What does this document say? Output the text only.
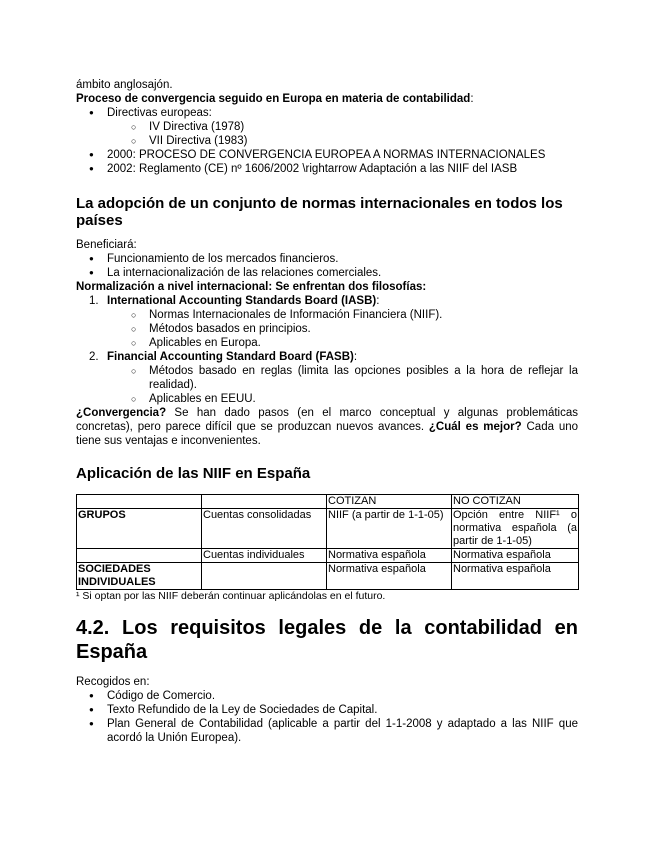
ámbito anglosajón.

Proceso de convergencia seguido en Europa en materia de contabilidad:

● Directivas europeas:
○ IV Directiva (1978)
○ VII Directiva (1983)
● 2000: PROCESO DE CONVERGENCIA EUROPEA A NORMAS INTERNACIONALES
● 2002: Reglamento (CE) nº 1606/2002 \rightarrow Adaptación a las NIIF del IASB
La adopción de un conjunto de normas internacionales en todos los países

Beneficiará:

● Funcionamiento de los mercados financieros.
● La internacionalización de las relaciones comerciales.

Normalización a nivel internacional: Se enfrentan dos filosofías:

1. International Accounting Standards Board (IASB):
○ Normas Internacionales de Información Financiera (NIIF).
○ Métodos basados en principios.
○ Aplicables en Europa.
2. Financial Accounting Standard Board (FASB):
○ Métodos basado en reglas (limita las opciones posibles a la hora de reflejar la realidad).
○ Aplicables en EEUU.

¿Convergencia? Se han dado pasos (en el marco conceptual y algunas problemáticas concretas), pero parece difícil que se produzcan nuevos avances. ¿Cuál es mejor? Cada uno tiene sus ventajas e inconvenientes.

Aplicación de las NIIF en España
		COTIZAN	NO COTIZAN
GRUPOS	Cuentas consolidadas	NIIF (a partir de 1-1-05)	Opción entre NIIF¹ o normativa española (a partir de 1-1-05)
	Cuentas individuales	Normativa española	Normativa española
SOCIEDADES INDIVIDUALES		Normativa española	Normativa española

¹ Si optan por las NIIF deberán continuar aplicándolas en el futuro.

4.2. Los requisitos legales de la contabilidad en España

Recogidos en:

● Código de Comercio.
● Texto Refundido de la Ley de Sociedades de Capital.
● Plan General de Contabilidad (aplicable a partir del 1-1-2008 y adaptado a las NIIF que acordó la Unión Europea).
